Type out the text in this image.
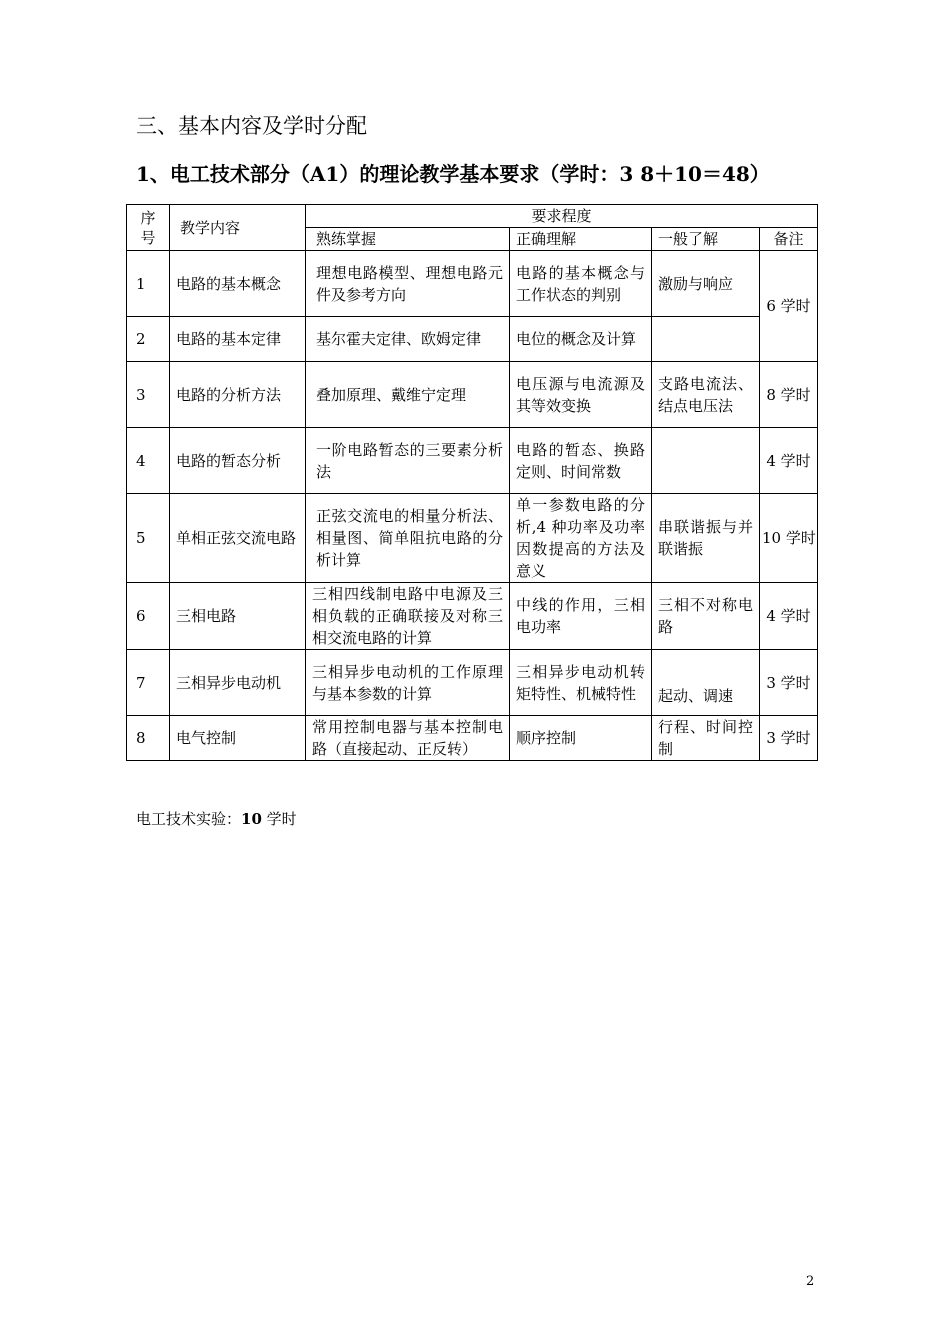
三、基本内容及学时分配
1、电工技术部分（A1）的理论教学基本要求（学时：3 8＋10＝48）
序
号	教学内容	要求程度			
		熟练掌握	正确理解	一般了解	备注
1	电路的基本概念	理想电路模型、理想电路元件及参考方向	电路的基本概念与工作状态的判别	激励与响应	6 学时
2	电路的基本定律	基尔霍夫定律、欧姆定律	电位的概念及计算		
3	电路的分析方法	叠加原理、戴维宁定理	电压源与电流源及其等效变换	支路电流法、结点电压法	8 学时
4	电路的暂态分析	一阶电路暂态的三要素分析法	电路的暂态、换路定则、时间常数		4 学时
5	单相正弦交流电路	正弦交流电的相量分析法、相量图、简单阻抗电路的分析计算	单一参数电路的分析,4 种功率及功率因数提高的方法及意义	串联谐振与并联谐振	10 学时
6	三相电路	三相四线制电路中电源及三相负载的正确联接及对称三相交流电路的计算	中线的作用，三相电功率	三相不对称电路	4 学时
7	三相异步电动机	三相异步电动机的工作原理与基本参数的计算	三相异步电动机转矩特性、机械特性	起动、调速	3 学时
8	电气控制	常用控制电器与基本控制电路（直接起动、正反转）	顺序控制	行程、时间控制	3 学时
电工技术实验：10 学时
2
